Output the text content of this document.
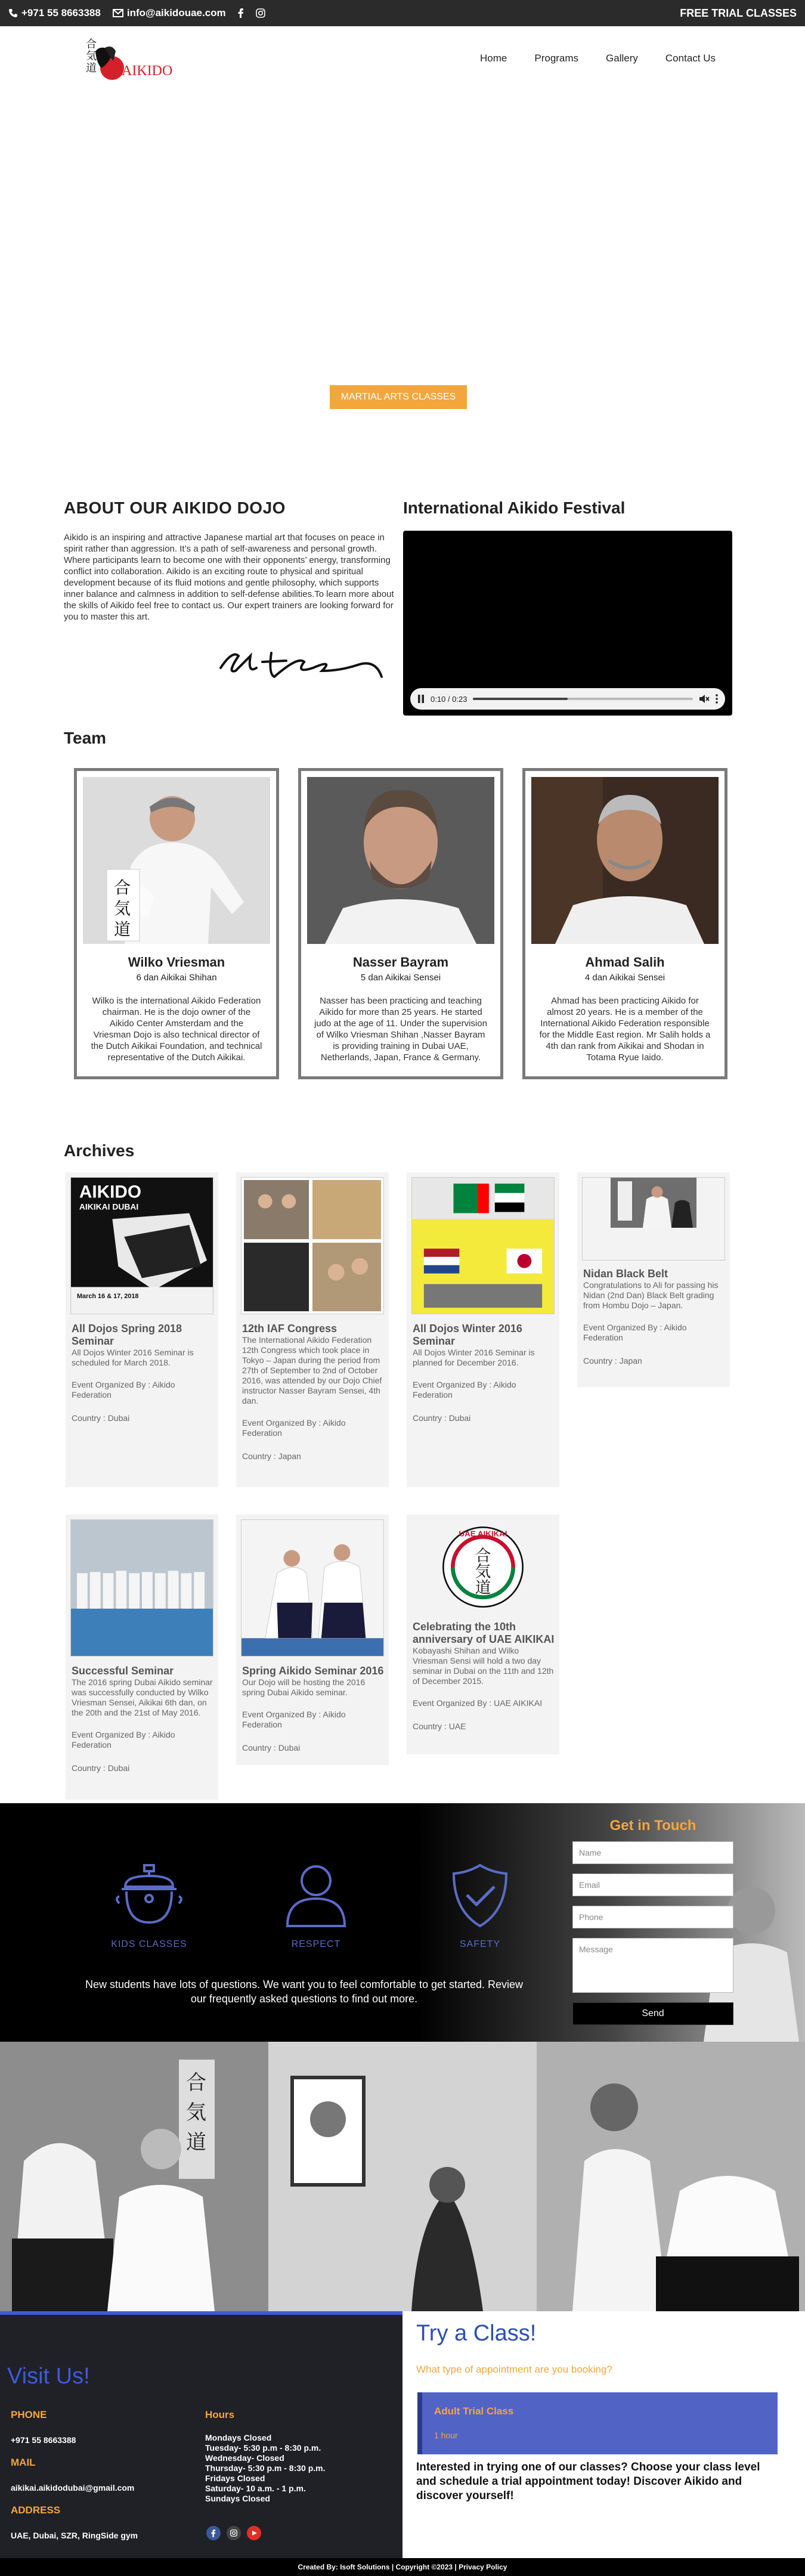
+971 55 8663388	info@aikidouae.com	FREE TRIAL CLASSES
合
気
道 AIKIDO
Home	Programs	Gallery	Contact Us
MARTIAL ARTS CLASSES
ABOUT OUR AIKIDO DOJO

Aikido is an inspiring and attractive Japanese martial art that focuses on peace in spirit rather than aggression. It’s a path of self-awareness and personal growth. Where participants learn to become one with their opponents’ energy, transforming conflict into collaboration. Aikido is an exciting route to physical and spiritual development because of its fluid motions and gentle philosophy, which supports inner balance and calmness in addition to self-defense abilities.To learn more about the skills of Aikido feel free to contact us. Our expert trainers are looking forward for you to master this art.

International Aikido Festival
0:10 / 0:23
Team
合
気
道
Wilko Vriesman
6 dan Aikikai Shihan

Wilko is the international Aikido Federation chairman. He is the dojo owner of the Aikido Center Amsterdam and the Vriesman Dojo is also technical director of the Dutch Aikikai Foundation, and technical representative of the Dutch Aikikai.

Nasser Bayram
5 dan Aikikai Sensei

Nasser has been practicing and teaching Aikido for more than 25 years. He started judo at the age of 11. Under the supervision of Wilko Vriesman Shihan ,Nasser Bayram is providing training in Dubai UAE, Netherlands, Japan, France & Germany.

Ahmad Salih
4 dan Aikikai Sensei

Ahmad has been practicing Aikido for almost 20 years. He is a member of the International Aikido Federation responsible for the Middle East region. Mr Salih holds a 4th dan rank from Aikikai and Shodan in Totama Ryue Iaido.

Archives
AIKIDO
AIKIKAI DUBAI
March 16 & 17, 2018
All Dojos Spring 2018 Seminar
All Dojos Winter 2016 Seminar is scheduled for March 2018.
Event Organized By : Aikido Federation
Country : Dubai
12th IAF Congress
The International Aikido Federation 12th Congress which took place in Tokyo – Japan during the period from 27th of September to 2nd of October 2016, was attended by our Dojo Chief instructor Nasser Bayram Sensei, 4th dan.
Event Organized By : Aikido Federation
Country : Japan
All Dojos Winter 2016 Seminar
All Dojos Winter 2016 Seminar is planned for December 2016.
Event Organized By : Aikido Federation
Country : Dubai
Nidan Black Belt
Congratulations to Ali for passing his Nidan (2nd Dan) Black Belt grading from Hombu Dojo – Japan.
Event Organized By : Aikido Federation
Country : Japan
Successful Seminar
The 2016 spring Dubai Aikido seminar was successfully conducted by Wilko Vriesman Sensei, Aikikai 6th dan, on the 20th and the 21st of May 2016.
Event Organized By : Aikido Federation
Country : Dubai
Spring Aikido Seminar 2016
Our Dojo will be hosting the 2016 spring Dubai Aikido seminar.
Event Organized By : Aikido Federation
Country : Dubai
UAE AIKIKAI
合
気
道
Celebrating the 10th anniversary of UAE AIKIKAI
Kobayashi Shihan and Wilko Vriesman Sensi will hold a two day seminar in Dubai on the 11th and 12th of December 2015.
Event Organized By : UAE AIKIKAI
Country : UAE
KIDS CLASSES	RESPECT	SAFETY
New students have lots of questions. We want you to feel comfortable to get started. Review our frequently asked questions to find out more.
Get in Touch
Name
Email
Phone
Message
Send
合
気
道
Visit Us!
PHONE
+971 55 8663388
MAIL
aikikai.aikidodubai@gmail.com
ADDRESS
UAE, Dubai, SZR, RingSide gym
Hours
Mondays Closed
Tuesday- 5:30 p.m - 8:30 p.m.
Wednesday- Closed
Thursday- 5:30 p.m - 8:30 p.m.
Fridays Closed
Saturday- 10 a.m. - 1 p.m.
Sundays Closed
Try a Class!
What type of appointment are you booking?
Adult Trial Class
1 hour
Interested in trying one of our classes? Choose your class level and schedule a trial appointment today! Discover Aikido and discover yourself!
Created By: Isoft Solutions | Copyright ©2023 | Privacy Policy
